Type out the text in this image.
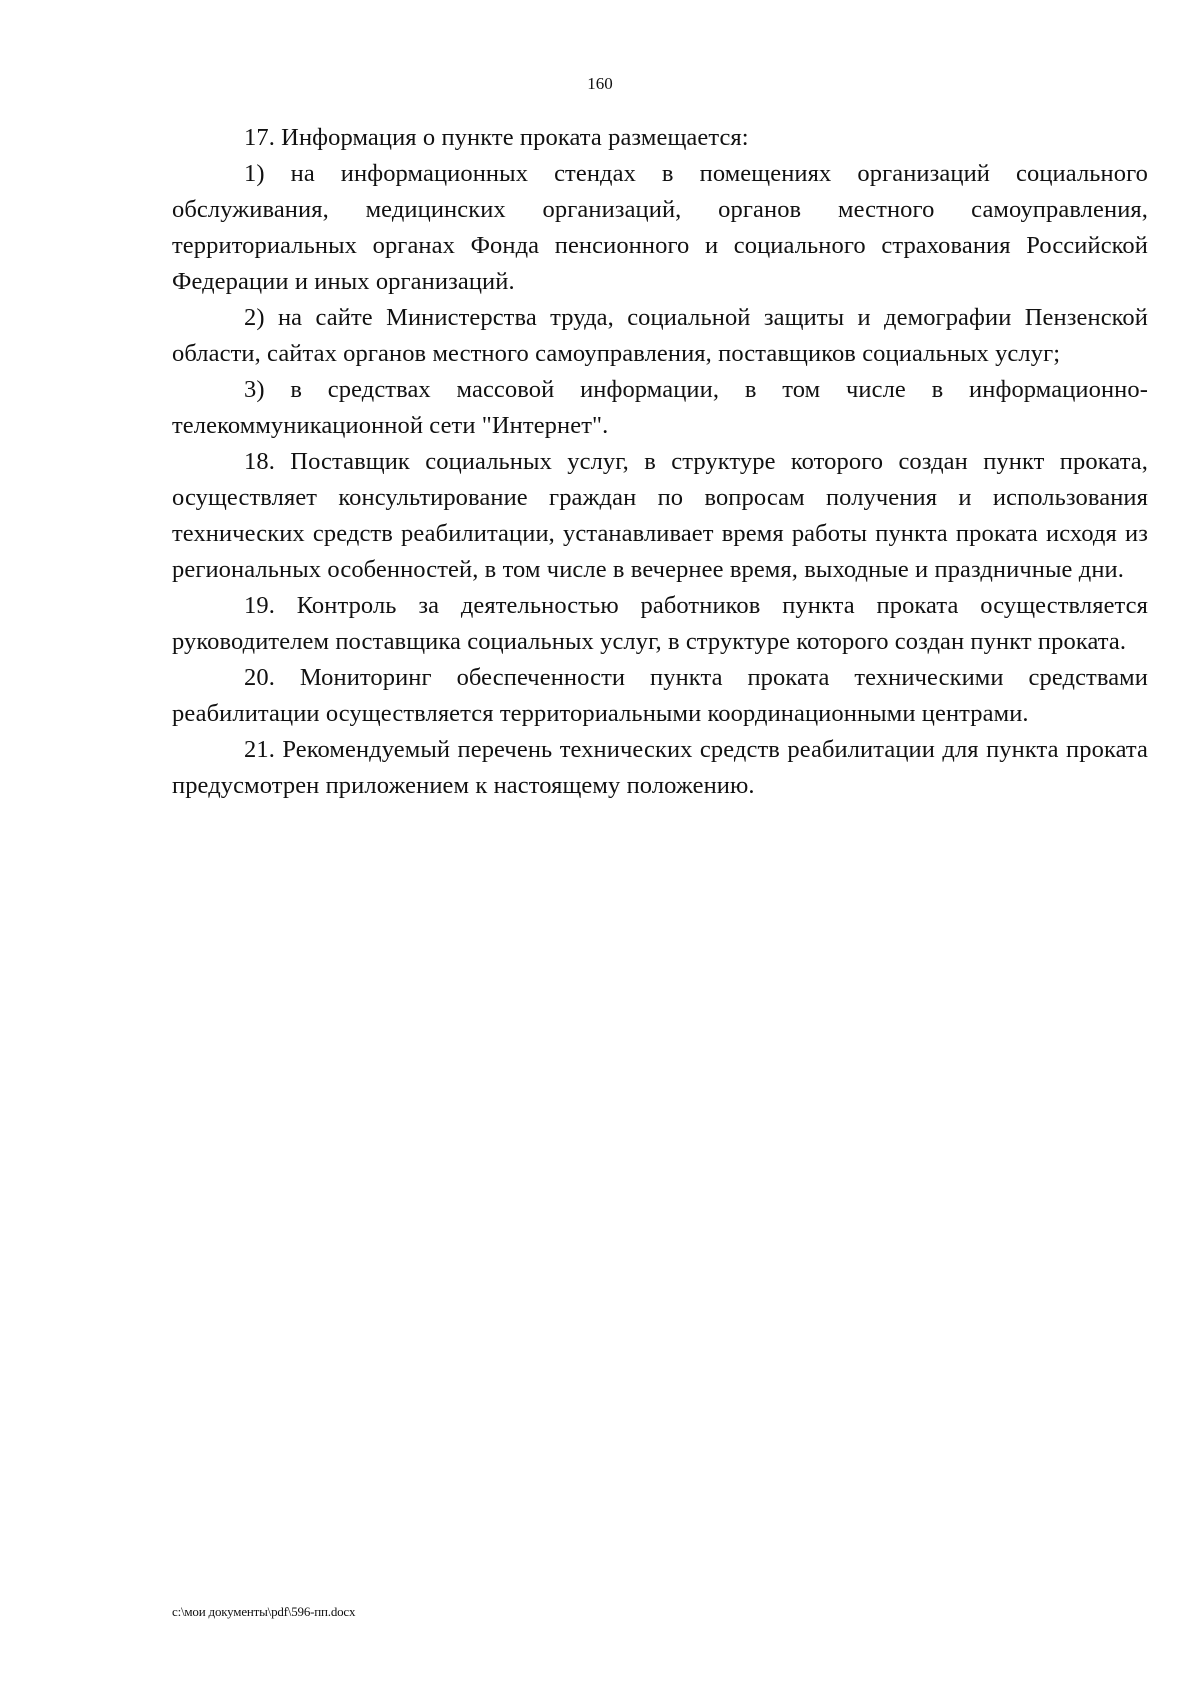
160

17. Информация о пункте проката размещается:

1) на информационных стендах в помещениях организаций социального обслуживания, медицинских организаций, органов местного самоуправления, территориальных органах Фонда пенсионного и социального страхования Российской Федерации и иных организаций.

2) на сайте Министерства труда, социальной защиты и демографии Пензенской области, сайтах органов местного самоуправления, поставщиков социальных услуг;

3) в средствах массовой информации, в том числе в информационно-телекоммуникационной сети "Интернет".

18. Поставщик социальных услуг, в структуре которого создан пункт проката, осуществляет консультирование граждан по вопросам получения и использования технических средств реабилитации, устанавливает время работы пункта проката исходя из региональных особенностей, в том числе в вечернее время, выходные и праздничные дни.

19. Контроль за деятельностью работников пункта проката осуществляется руководителем поставщика социальных услуг, в структуре которого создан пункт проката.

20. Мониторинг обеспеченности пункта проката техническими средствами реабилитации осуществляется территориальными координационными центрами.

21. Рекомендуемый перечень технических средств реабилитации для пункта проката предусмотрен приложением к настоящему положению.

c:\мои документы\pdf\596-пп.docx
